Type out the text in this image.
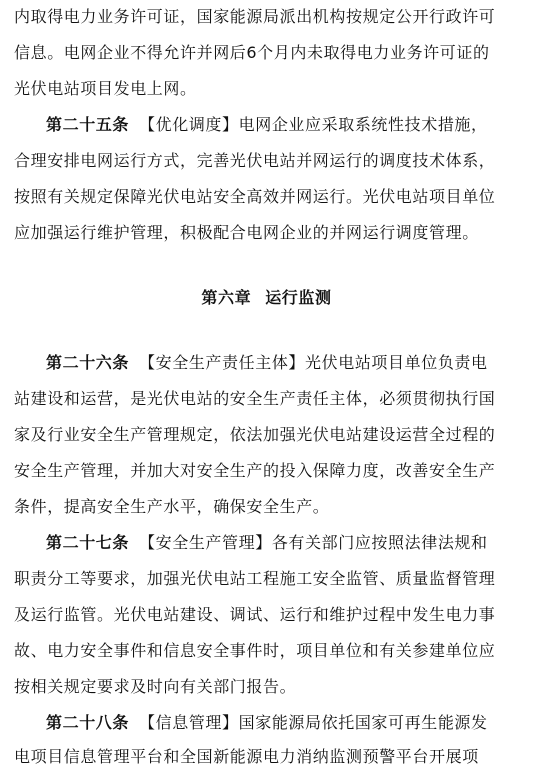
内取得电力业务许可证，国家能源局派出机构按规定公开行政许可
信息。电网企业不得允许并网后6个月内未取得电力业务许可证的
光伏电站项目发电上网。
第二十五条 【优化调度】电网企业应采取系统性技术措施，
合理安排电网运行方式，完善光伏电站并网运行的调度技术体系，
按照有关规定保障光伏电站安全高效并网运行。光伏电站项目单位
应加强运行维护管理，积极配合电网企业的并网运行调度管理。
第六章 运行监测
第二十六条 【安全生产责任主体】光伏电站项目单位负责电
站建设和运营，是光伏电站的安全生产责任主体，必须贯彻执行国
家及行业安全生产管理规定，依法加强光伏电站建设运营全过程的
安全生产管理，并加大对安全生产的投入保障力度，改善安全生产
条件，提高安全生产水平，确保安全生产。
第二十七条 【安全生产管理】各有关部门应按照法律法规和
职责分工等要求，加强光伏电站工程施工安全监管、质量监督管理
及运行监管。光伏电站建设、调试、运行和维护过程中发生电力事
故、电力安全事件和信息安全事件时，项目单位和有关参建单位应
按相关规定要求及时向有关部门报告。
第二十八条 【信息管理】国家能源局依托国家可再生能源发
电项目信息管理平台和全国新能源电力消纳监测预警平台开展项
